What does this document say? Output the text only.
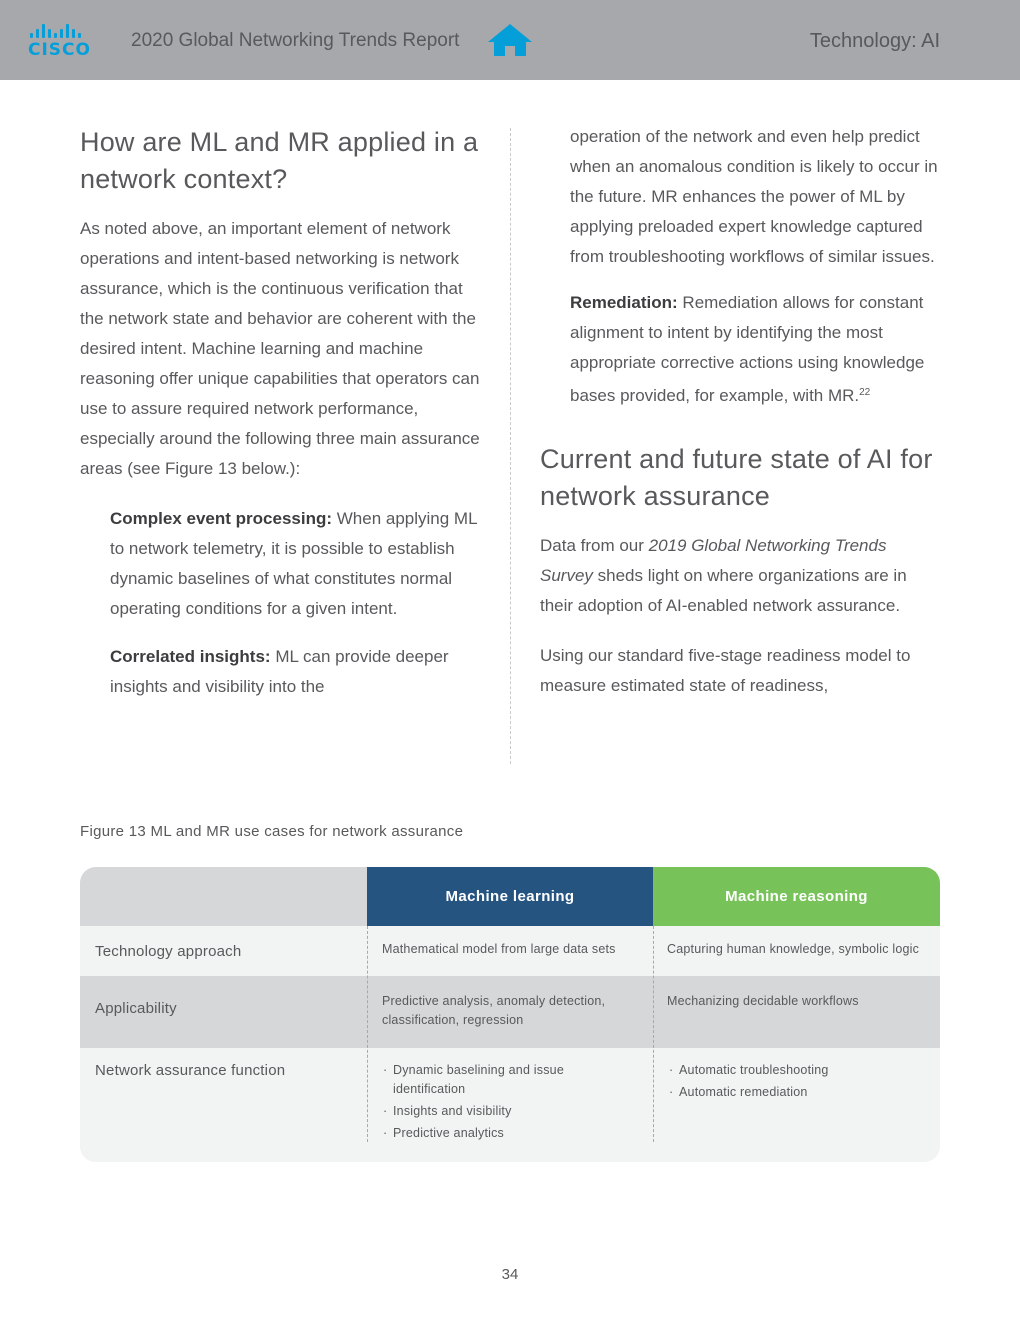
CISCO 2020 Global Networking Trends Report	Technology: AI
How are ML and MR applied in a network context?

As noted above, an important element of network operations and intent-based networking is network assurance, which is the continuous verification that the network state and behavior are coherent with the desired intent. Machine learning and machine reasoning offer unique capabilities that operators can use to assure required network performance, especially around the following three main assurance areas (see Figure 13 below.):

Complex event processing: When applying ML to network telemetry, it is possible to establish dynamic baselines of what constitutes normal operating conditions for a given intent.

Correlated insights: ML can provide deeper insights and visibility into the

operation of the network and even help predict when an anomalous condition is likely to occur in the future. MR enhances the power of ML by applying preloaded expert knowledge captured from troubleshooting workflows of similar issues.

Remediation: Remediation allows for constant alignment to intent by identifying the most appropriate corrective actions using knowledge bases provided, for example, with MR.$^{22}$

Current and future state of AI for network assurance

Data from our 2019 Global Networking Trends Survey sheds light on where organizations are in their adoption of AI-enabled network assurance.

Using our standard five-stage readiness model to measure estimated state of readiness,

Figure 13 ML and MR use cases for network assurance
Machine learning	Machine reasoning
Technology approach	Mathematical model from large data sets	Capturing human knowledge, symbolic logic
Applicability	Predictive analysis, anomaly detection, classification, regression
Mechanizing decidable workflows
Network assurance function
·	Dynamic baselining and issue identification
· Insights and visibility
· Predictive analytics
· Automatic troubleshooting
· Automatic remediation
34
